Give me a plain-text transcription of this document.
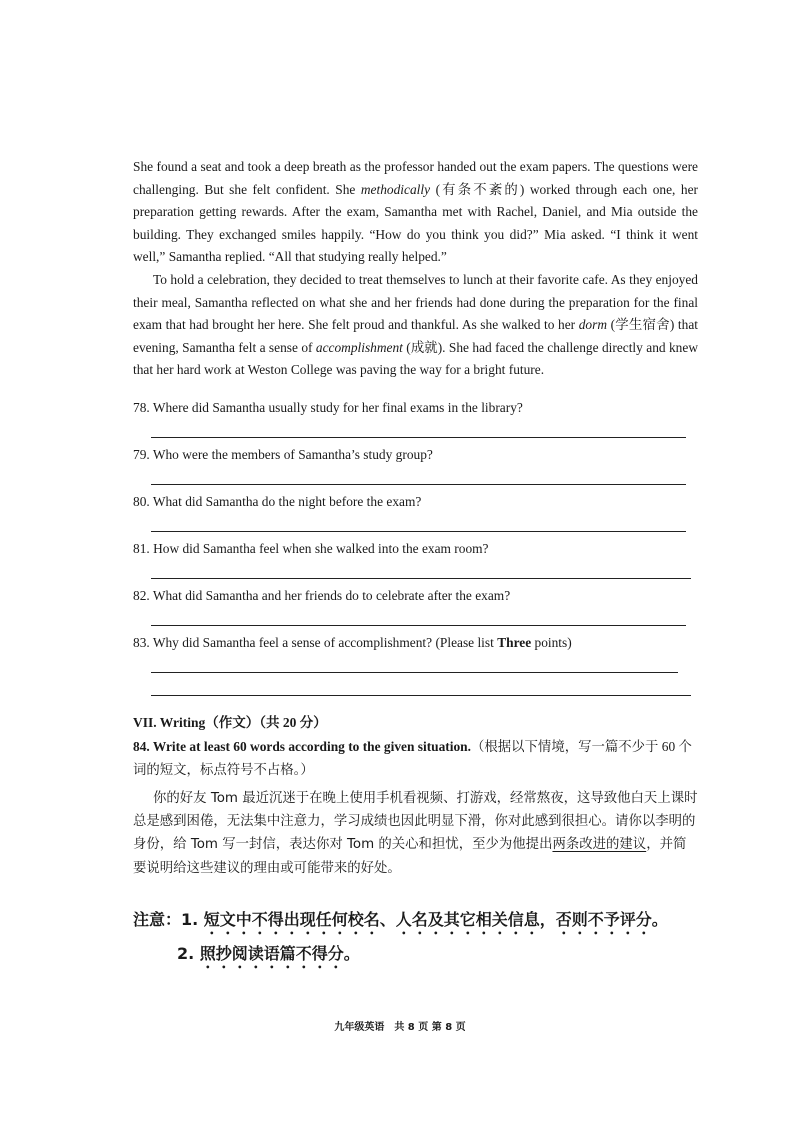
She found a seat and took a deep breath as the professor handed out the exam papers. The questions were challenging. But she felt confident. She methodically (有条不紊的) worked through each one, her preparation getting rewards. After the exam, Samantha met with Rachel, Daniel, and Mia outside the building. They exchanged smiles happily. “How do you think you did?” Mia asked. “I think it went well,” Samantha replied. “All that studying really helped.”
To hold a celebration, they decided to treat themselves to lunch at their favorite cafe. As they enjoyed their meal, Samantha reflected on what she and her friends had done during the preparation for the final exam that had brought her here. She felt proud and thankful. As she walked to her dorm (学生宿舍) that evening, Samantha felt a sense of accomplishment (成就). She had faced the challenge directly and knew that her hard work at Weston College was paving the way for a bright future.
78. Where did Samantha usually study for her final exams in the library?
79. Who were the members of Samantha’s study group?
80. What did Samantha do the night before the exam?
81. How did Samantha feel when she walked into the exam room?
82. What did Samantha and her friends do to celebrate after the exam?
83. Why did Samantha feel a sense of accomplishment? (Please list Three points)
VII. Writing（作文）（共 20 分）
84. Write at least 60 words according to the given situation.（根据以下情境，写一篇不少于 60 个词的短文，标点符号不占格。）
你的好友 Tom 最近沉迷于在晚上使用手机看视频、打游戏，经常熬夜，这导致他白天上课时总是感到困倦，无法集中注意力，学习成绩也因此明显下滑，你对此感到很担心。请你以李明的身份，给 Tom 写一封信，表达你对 Tom 的关心和担忧，至少为他提出两条改进的建议，并简要说明给这些建议的理由或可能带来的好处。
注意：1. 短文中不得出现任何校名、人名及其它相关信息，否则不予评分。
2. 照抄阅读语篇不得分。
九年级英语　共 8 页 第 8 页
